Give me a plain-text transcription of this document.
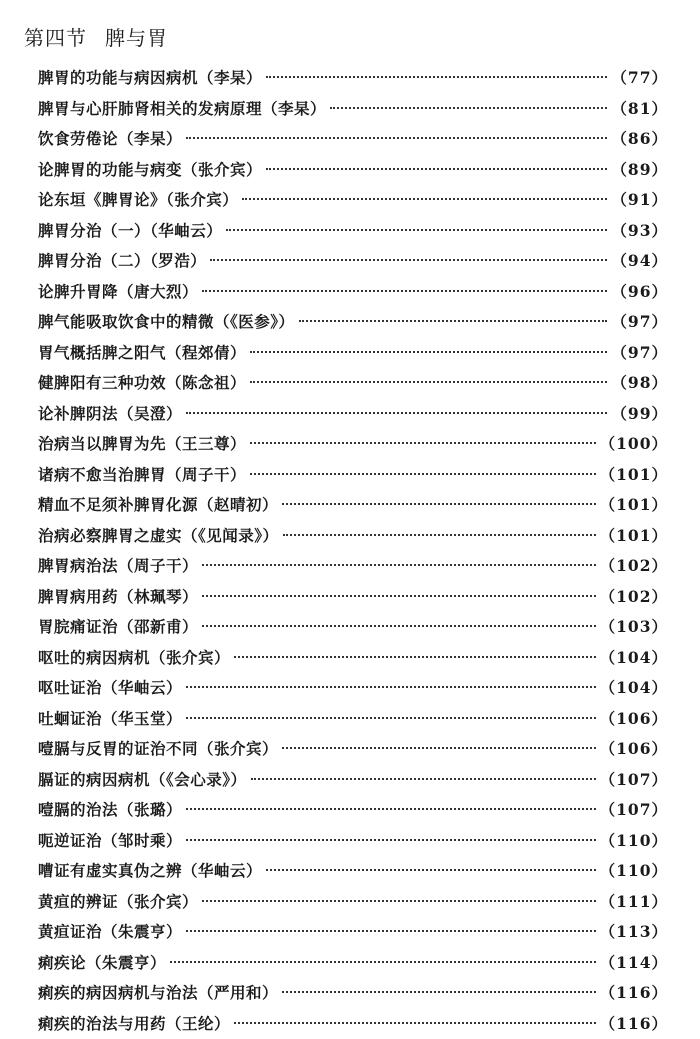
第四节 脾与胃
脾胃的功能与病因病机（李杲）	（77）
脾胃与心肝肺肾相关的发病原理（李杲）	（81）
饮食劳倦论（李杲）	（86）
论脾胃的功能与病变（张介宾）	（89）
论东垣《脾胃论》（张介宾）	（91）
脾胃分治（一）（华岫云）	（93）
脾胃分治（二）（罗浩）	（94）
论脾升胃降（唐大烈）	（96）
脾气能吸取饮食中的精微（《医参》）	（97）
胃气概括脾之阳气（程郊倩）	（97）
健脾阳有三种功效（陈念祖）	（98）
论补脾阴法（吴澄）	（99）
治病当以脾胃为先（王三尊）	（100）
诸病不愈当治脾胃（周子干）	（101）
精血不足须补脾胃化源（赵晴初）	（101）
治病必察脾胃之虚实（《见闻录》）	（101）
脾胃病治法（周子干）	（102）
脾胃病用药（林珮琴）	（102）
胃脘痛证治（邵新甫）	（103）
呕吐的病因病机（张介宾）	（104）
呕吐证治（华岫云）	（104）
吐蛔证治（华玉堂）	（106）
噎膈与反胃的证治不同（张介宾）	（106）
膈证的病因病机（《会心录》）	（107）
噎膈的治法（张璐）	（107）
呃逆证治（邹时乘）	（110）
嘈证有虚实真伪之辨（华岫云）	（110）
黄疸的辨证（张介宾）	（111）
黄疸证治（朱震亨）	（113）
痢疾论（朱震亨）	（114）
痢疾的病因病机与治法（严用和）	（116）
痢疾的治法与用药（王纶）	（116）
